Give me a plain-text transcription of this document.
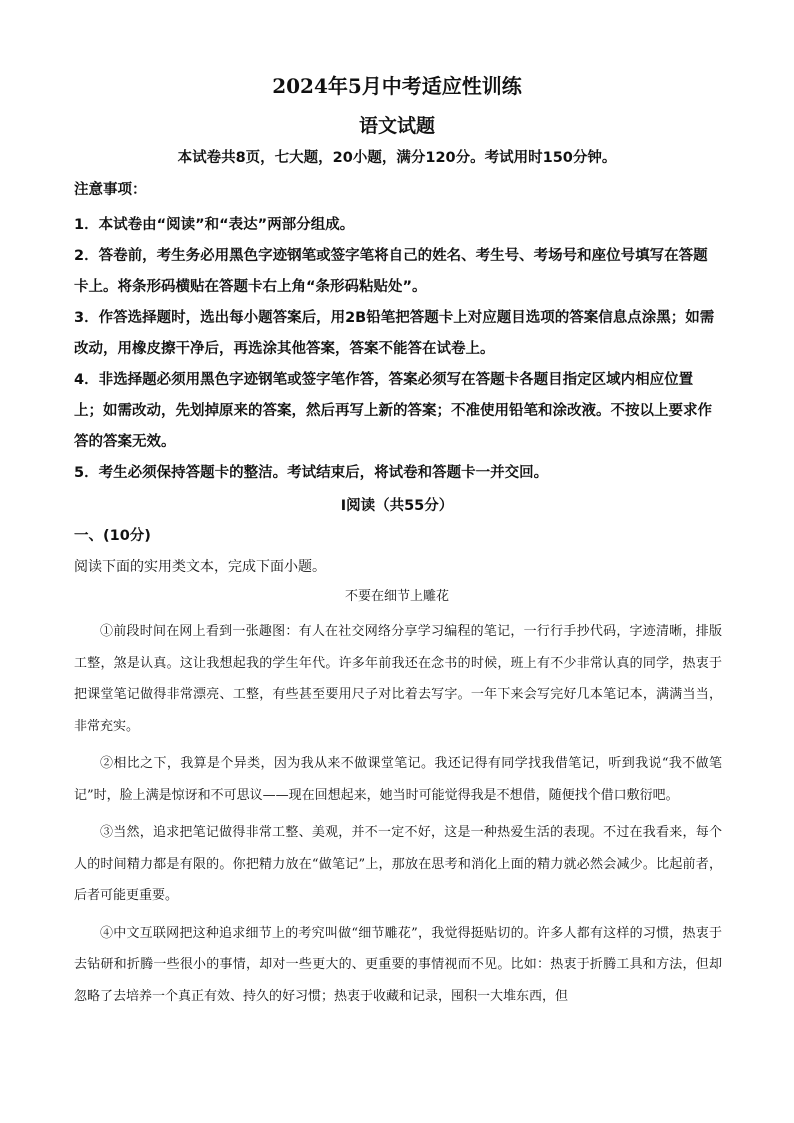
2024年5月中考适应性训练
语文试题
本试卷共8页，七大题，20小题，满分120分。考试用时150分钟。
注意事项：

1．本试卷由“阅读”和“表达”两部分组成。

2．答卷前，考生务必用黑色字迹钢笔或签字笔将自己的姓名、考生号、考场号和座位号填写在答题卡上。将条形码横贴在答题卡右上角“条形码粘贴处”。

3．作答选择题时，选出每小题答案后，用2B铅笔把答题卡上对应题目选项的答案信息点涂黑；如需改动，用橡皮擦干净后，再选涂其他答案，答案不能答在试卷上。

4．非选择题必须用黑色字迹钢笔或签字笔作答，答案必须写在答题卡各题目指定区域内相应位置上；如需改动，先划掉原来的答案，然后再写上新的答案；不准使用铅笔和涂改液。不按以上要求作答的答案无效。

5．考生必须保持答题卡的整洁。考试结束后，将试卷和答题卡一并交回。

Ⅰ阅读（共55分）
一、(10分)
阅读下面的实用类文本，完成下面小题。
不要在细节上雕花

①前段时间在网上看到一张趣图：有人在社交网络分享学习编程的笔记，一行行手抄代码，字迹清晰，排版工整，煞是认真。这让我想起我的学生年代。许多年前我还在念书的时候，班上有不少非常认真的同学，热衷于把课堂笔记做得非常漂亮、工整，有些甚至要用尺子对比着去写字。一年下来会写完好几本笔记本，满满当当，非常充实。

②相比之下，我算是个异类，因为我从来不做课堂笔记。我还记得有同学找我借笔记，听到我说“我不做笔记”时，脸上满是惊讶和不可思议——现在回想起来，她当时可能觉得我是不想借，随便找个借口敷衍吧。

③当然，追求把笔记做得非常工整、美观，并不一定不好，这是一种热爱生活的表现。不过在我看来，每个人的时间精力都是有限的。你把精力放在“做笔记”上，那放在思考和消化上面的精力就必然会减少。比起前者，后者可能更重要。

④中文互联网把这种追求细节上的考究叫做“细节雕花”，我觉得挺贴切的。许多人都有这样的习惯，热衷于去钻研和折腾一些很小的事情，却对一些更大的、更重要的事情视而不见。比如：热衷于折腾工具和方法，但却忽略了去培养一个真正有效、持久的好习惯；热衷于收藏和记录，囤积一大堆东西，但
